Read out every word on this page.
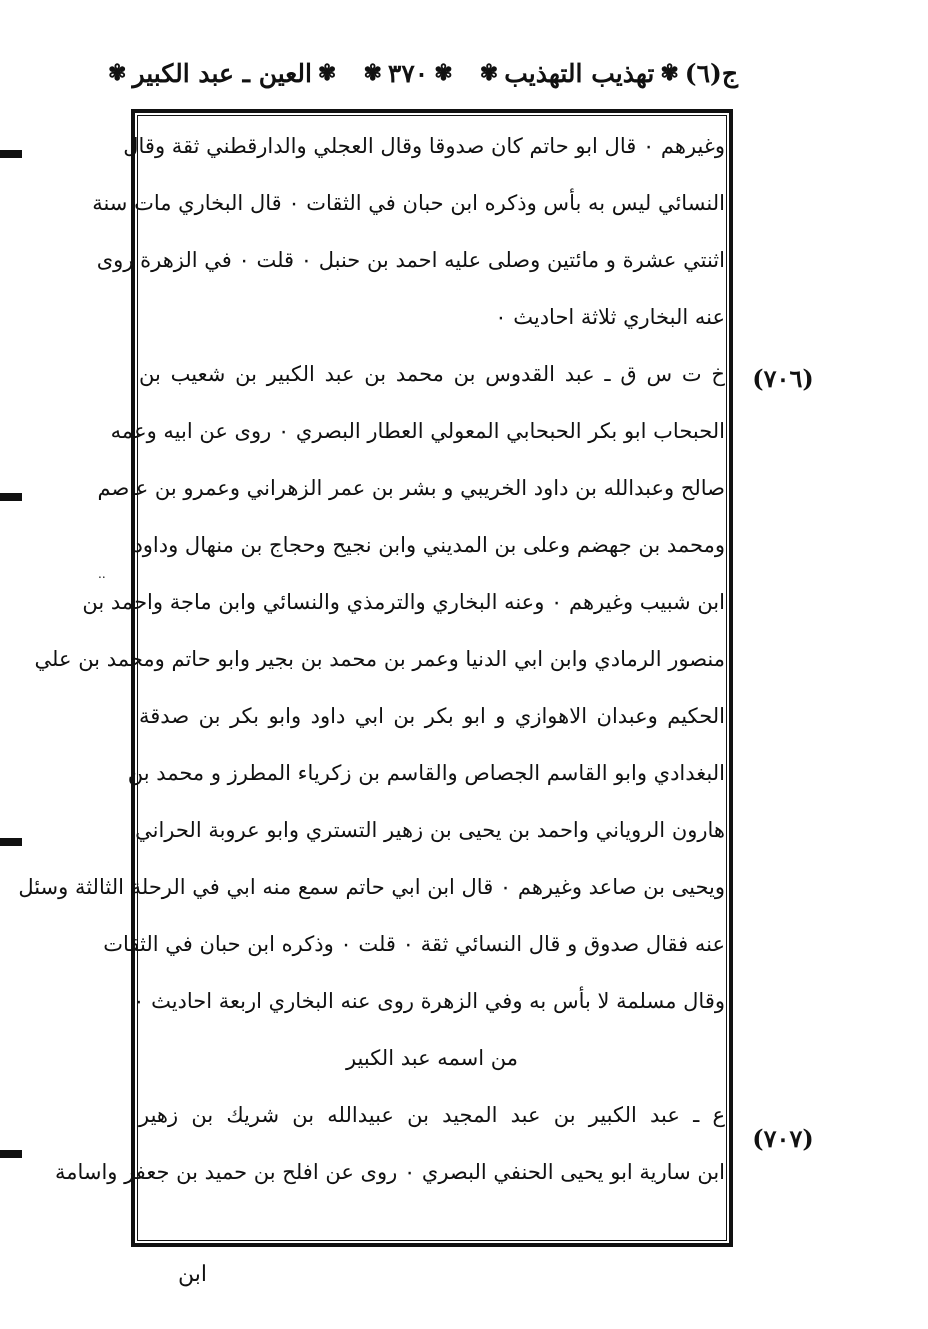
ج(٦)
✾
تهذيب التهذيب
✾
✾
٣٧٠
✾
✾
العين ـ عبد الكبير
✾
وغيرهم ٠ قال ابو حاتم كان صدوقا وقال العجلي والدارقطني ثقة وقال
النسائي ليس به بأس وذكره ابن حبان في الثقات ٠ قال البخاري مات سنة
اثنتي عشرة و مائتين وصلى عليه احمد بن حنبل ٠ قلت ٠ في الزهرة روى
عنه البخاري ثلاثة احاديث ٠
خ ت س ق ـ عبد القدوس بن محمد بن عبد الكبير بن شعيب بن
الحبحاب ابو بكر الحبحابي المعولي العطار البصري ٠ روى عن ابيه وعمه
صالح وعبدالله بن داود الخريبي و بشر بن عمر الزهراني وعمرو بن عاصم
ومحمد بن جهضم وعلى بن المديني وابن نجيح وحجاج بن منهال وداود
ابن شبيب وغيرهم ٠ وعنه البخاري والترمذي والنسائي وابن ماجة واحمد بن
منصور الرمادي وابن ابي الدنيا وعمر بن محمد بن بجير وابو حاتم ومحمد بن علي
الحكيم وعبدان الاهوازي و ابو بكر بن ابي داود وابو بكر بن صدقة
البغدادي وابو القاسم الجصاص والقاسم بن زكرياء المطرز و محمد بن
هارون الروياني واحمد بن يحيى بن زهير التستري وابو عروبة الحراني
ويحيى بن صاعد وغيرهم ٠ قال ابن ابي حاتم سمع منه ابي في الرحلة الثالثة وسئل
عنه فقال صدوق و قال النسائي ثقة ٠ قلت ٠ وذكره ابن حبان في الثقات
وقال مسلمة لا بأس به وفي الزهرة روى عنه البخاري اربعة احاديث ٠
من اسمه عبد الكبير
ع ـ عبد الكبير بن عبد المجيد بن عبيدالله بن شريك بن زهير
ابن سارية ابو يحيى الحنفي البصري ٠ روى عن افلح بن حميد بن جعفر واسامة
(٧٠٦)
(٧٠٧)
ابن
..
